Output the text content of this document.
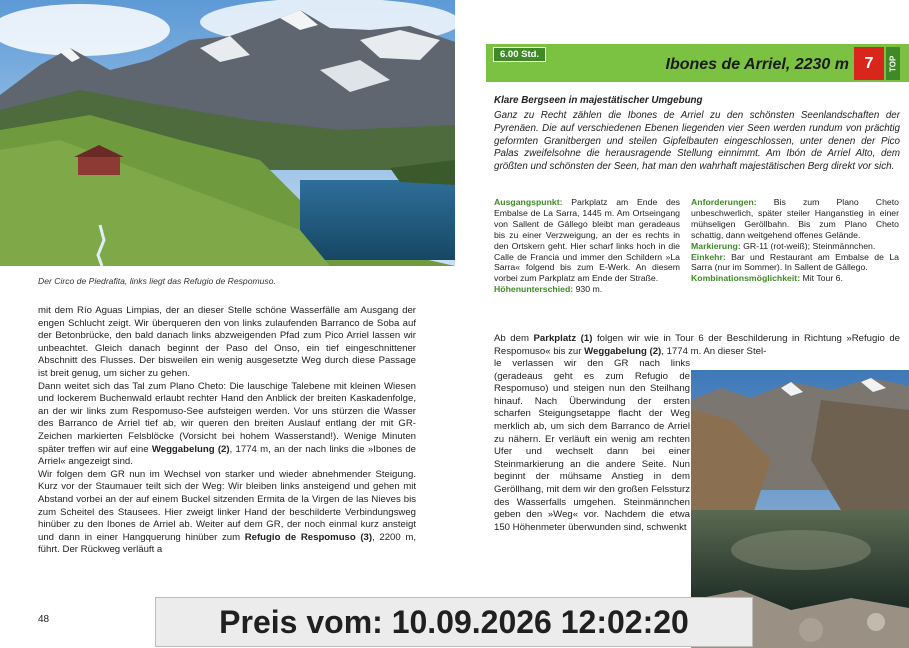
Der Circo de Piedrafita, links liegt das Refugio de Respomuso.

mit dem Río Aguas Limpias, der an dieser Stelle schöne Wasserfälle am Ausgang der engen Schlucht zeigt. Wir überqueren den von links zulaufenden Barranco de Soba auf der Betonbrücke, den bald danach links abzweigenden Pfad zum Pico Arriel lassen wir unbeachtet. Gleich danach beginnt der Paso del Onso, ein tief eingeschnittener Abschnitt des Flusses. Der bisweilen ein wenig ausgesetzte Weg durch diese Passage ist breit genug, um sicher zu gehen.

Dann weitet sich das Tal zum Plano Cheto: Die lauschige Talebene mit kleinen Wiesen und lockerem Buchenwald erlaubt rechter Hand den Anblick der breiten Kaskadenfolge, an der wir links zum Respomuso-See aufsteigen werden. Vor uns stürzen die Wasser des Barranco de Arriel tief ab, wir queren den breiten Auslauf entlang der mit GR-Zeichen markierten Felsblöcke (Vorsicht bei hohem Wasserstand!). Wenige Minuten später treffen wir auf eine Weggabelung (2), 1774 m, an der nach links die »Ibones de Arriel« angezeigt sind.

Wir folgen dem GR nun im Wechsel von starker und wieder abnehmender Steigung. Kurz vor der Staumauer teilt sich der Weg: Wir bleiben links ansteigend und gehen mit Abstand vorbei an der auf einem Buckel sitzenden Ermita de la Virgen de las Nieves bis zum Scheitel des Stausees. Hier zweigt linker Hand der beschilderte Verbindungsweg hinüber zu den Ibones de Arriel ab. Weiter auf dem GR, der noch einmal kurz ansteigt und dann in einer Hangquerung hinüber zum Refugio de Respomuso (3), 2200 m, führt. Der Rückweg verläuft a

48
6.00 Std.
Ibones de Arriel, 2230 m 7	TOP
Klare Bergseen in majestätischer Umgebung
Ganz zu Recht zählen die Ibones de Arriel zu den schönsten Seenlandschaften der Pyrenäen. Die auf verschiedenen Ebenen liegenden vier Seen werden rundum von prächtig geformten Granitbergen und steilen Gipfelbauten eingeschlossen, unter denen der Pico Palas zweifelsohne die herausragende Stellung einnimmt. Am Ibón de Arriel Alto, dem größten und schönsten der Seen, hat man den wahrhaft majestätischen Berg direkt vor sich.
Ausgangspunkt: Parkplatz am Ende des Embalse de La Sarra, 1445 m. Am Ortseingang von Sallent de Gállego bleibt man geradeaus bis zu einer Verzweigung, an der es rechts in den Ortskern geht. Hier scharf links hoch in die Calle de Francia und immer den Schildern »La Sarra« folgend bis zum E-Werk. An diesem vorbei zum Parkplatz am Ende der Straße.
Höhenunterschied: 930 m.
Anforderungen: Bis zum Plano Cheto unbeschwerlich, später steiler Hanganstieg in einer mühseligen Geröllbahn. Bis zum Plano Cheto schattig, dann weitgehend offenes Gelände.
Markierung: GR-11 (rot-weiß); Steinmännchen.
Einkehr: Bar und Restaurant am Embalse de La Sarra (nur im Sommer). In Sallent de Gállego.
Kombinationsmöglichkeit: Mit Tour 6.
Ab dem Parkplatz (1) folgen wir wie in Tour 6 der Beschilderung in Richtung »Refugio de Respomuso« bis zur Weggabelung (2), 1774 m. An dieser Stel-
le verlassen wir den GR nach links (geradeaus geht es zum Refugio de Respomuso) und steigen nun den Steilhang hinauf. Nach Überwindung der ersten scharfen Steigungsetappe flacht der Weg merklich ab, um sich dem Barranco de Arriel zu nähern. Er verläuft ein wenig am rechten Ufer und wechselt dann bei einer Steinmarkierung an die andere Seite. Nun beginnt der mühsame Anstieg in dem Geröllhang, mit dem wir den großen Felssturz des Wasserfalls umgehen. Steinmännchen geben den »Weg« vor. Nachdem die etwa 150 Höhenmeter überwunden sind, schwenkt
Preis vom: 10.09.2026 12:02:20
